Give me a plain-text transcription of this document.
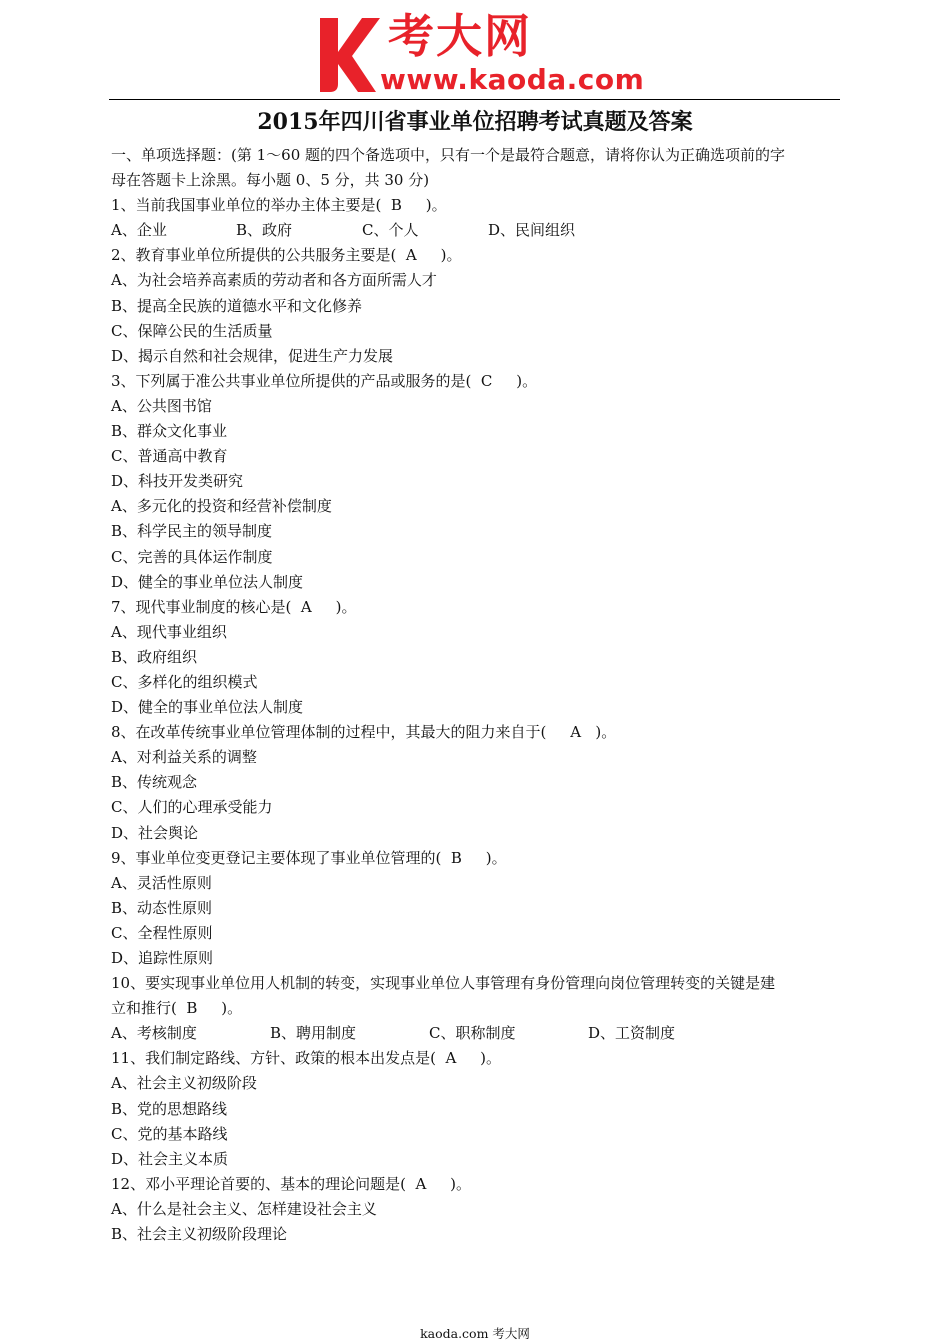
考大网
www.kaoda.com
2015年四川省事业单位招聘考试真题及答案
一、单项选择题：(第 1～60 题的四个备选项中，只有一个是最符合题意，请将你认为正确选项前的字
母在答题卡上涂黑。每小题 0、5 分，共 30 分)
1、当前我国事业单位的举办主体主要是(  B     )。
A、企业	B、政府	C、个人	D、民间组织
2、教育事业单位所提供的公共服务主要是(  A     )。
A、为社会培养高素质的劳动者和各方面所需人才
B、提高全民族的道德水平和文化修养
C、保障公民的生活质量
D、揭示自然和社会规律，促进生产力发展
3、下列属于准公共事业单位所提供的产品或服务的是(  C     )。
A、公共图书馆
B、群众文化事业
C、普通高中教育
D、科技开发类研究
A、多元化的投资和经营补偿制度
B、科学民主的领导制度
C、完善的具体运作制度
D、健全的事业单位法人制度
7、现代事业制度的核心是(  A     )。
A、现代事业组织
B、政府组织
C、多样化的组织模式
D、健全的事业单位法人制度
8、在改革传统事业单位管理体制的过程中，其最大的阻力来自于(     A   )。
A、对利益关系的调整
B、传统观念
C、人们的心理承受能力
D、社会舆论
9、事业单位变更登记主要体现了事业单位管理的(  B     )。
A、灵活性原则
B、动态性原则
C、全程性原则
D、追踪性原则
10、要实现事业单位用人机制的转变，实现事业单位人事管理有身份管理向岗位管理转变的关键是建
立和推行(  B     )。
A、考核制度	B、聘用制度	C、职称制度	D、工资制度
11、我们制定路线、方针、政策的根本出发点是(  A     )。
A、社会主义初级阶段
B、党的思想路线
C、党的基本路线
D、社会主义本质
12、邓小平理论首要的、基本的理论问题是(  A     )。
A、什么是社会主义、怎样建设社会主义
B、社会主义初级阶段理论
kaoda.com 考大网
